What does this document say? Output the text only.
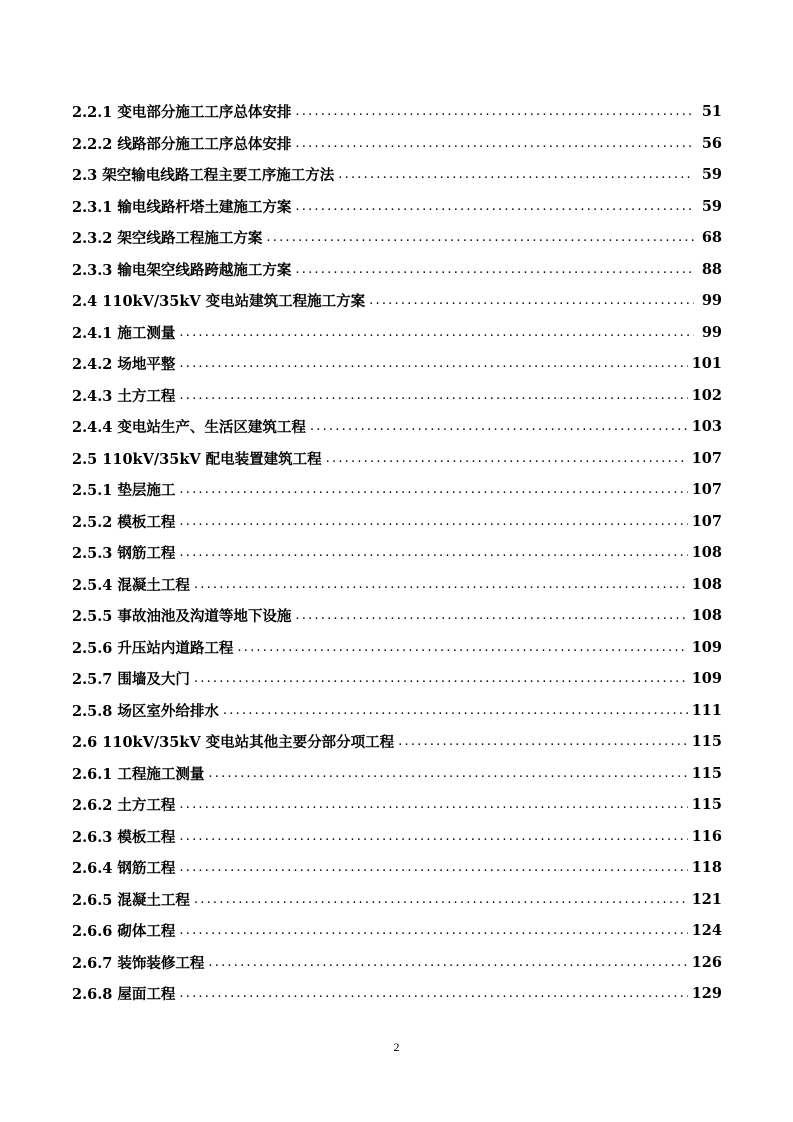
2.2.1 变电部分施工工序总体安排 .....	51
2.2.2 线路部分施工工序总体安排 .....	56
2.3 架空输电线路工程主要工序施工方法 .....	59
2.3.1 输电线路杆塔土建施工方案 .....	59
2.3.2 架空线路工程施工方案 .....	68
2.3.3 输电架空线路跨越施工方案 .....	88
2.4 110kV/35kV 变电站建筑工程施工方案 .....	99
2.4.1 施工测量 .....	99
2.4.2 场地平整 .....	101
2.4.3 土方工程 .....	102
2.4.4 变电站生产、生活区建筑工程 .....	103
2.5 110kV/35kV 配电装置建筑工程 .....	107
2.5.1 垫层施工 .....	107
2.5.2 模板工程 .....	107
2.5.3 钢筋工程 .....	108
2.5.4 混凝土工程 .....	108
2.5.5 事故油池及沟道等地下设施 .....	108
2.5.6 升压站内道路工程 .....	109
2.5.7 围墙及大门 .....	109
2.5.8 场区室外给排水 .....	111
2.6 110kV/35kV 变电站其他主要分部分项工程 .....	115
2.6.1 工程施工测量 .....	115
2.6.2 土方工程 .....	115
2.6.3 模板工程 .....	116
2.6.4 钢筋工程 .....	118
2.6.5 混凝土工程 .....	121
2.6.6 砌体工程 .....	124
2.6.7 装饰装修工程 .....	126
2.6.8 屋面工程 .....	129
2
